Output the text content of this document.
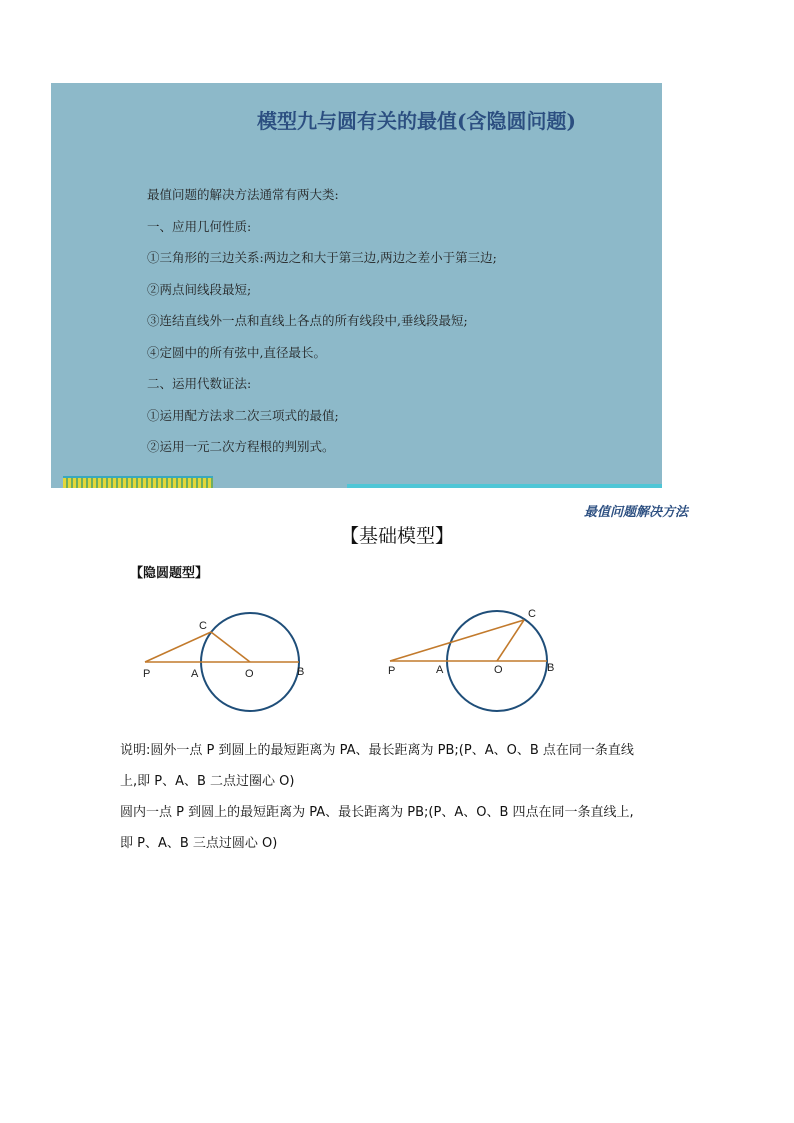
模型九与圆有关的最值(含隐圆问题)
最值问题的解决方法通常有两大类:
一、应用几何性质:
①三角形的三边关系:两边之和大于第三边,两边之差小于第三边;
②两点间线段最短;
③连结直线外一点和直线上各点的所有线段中,垂线段最短;
④定圆中的所有弦中,直径最长。
二、运用代数证法:
①运用配方法求二次三项式的最值;
②运用一元二次方程根的判别式。
最值问题解决方法
【基础模型】
【隐圆题型】
P	A	O	B
C
P	A	O	B
C

说明:圆外一点 P 到圆上的最短距离为 PA、最长距离为 PB;(P、A、O、B 点在同一条直线

上,即 P、A、B 二点过圈心 O)

圆内一点 P 到圆上的最短距离为 PA、最长距离为 PB;(P、A、O、B 四点在同一条直线上,

即 P、A、B 三点过圆心 O)
